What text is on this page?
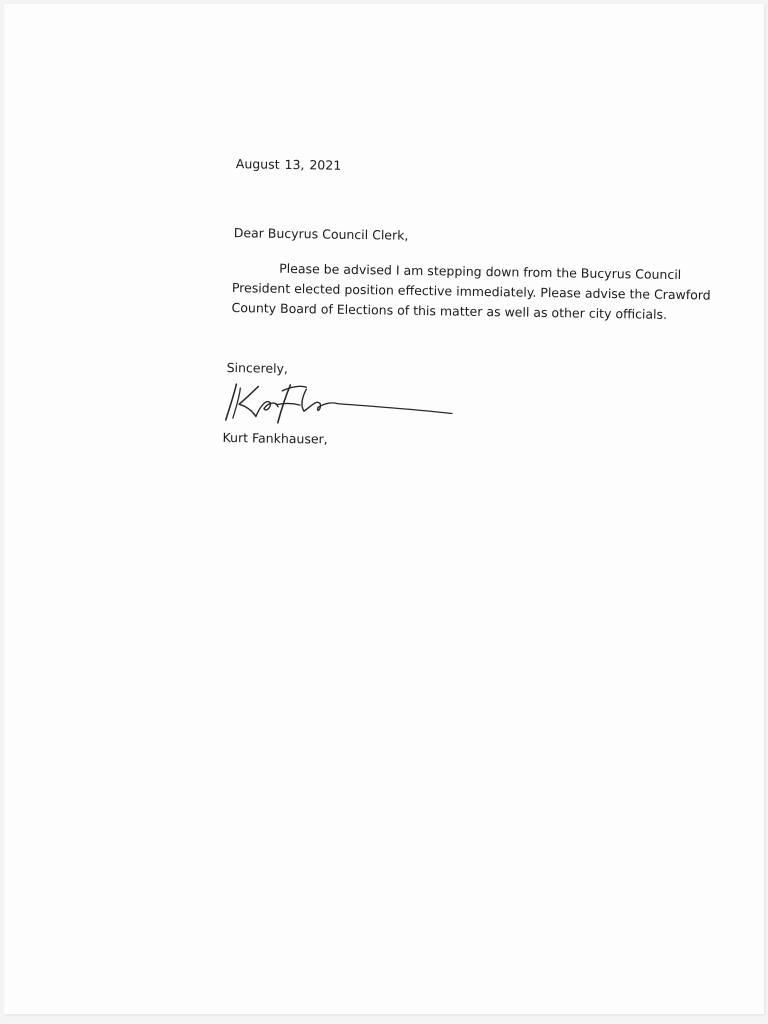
August 13, 2021
Dear Bucyrus Council Clerk,
Please be advised I am stepping down from the Bucyrus Council
President elected position effective immediately. Please advise the Crawford
County Board of Elections of this matter as well as other city officials.
Sincerely,
Kurt Fankhauser,
